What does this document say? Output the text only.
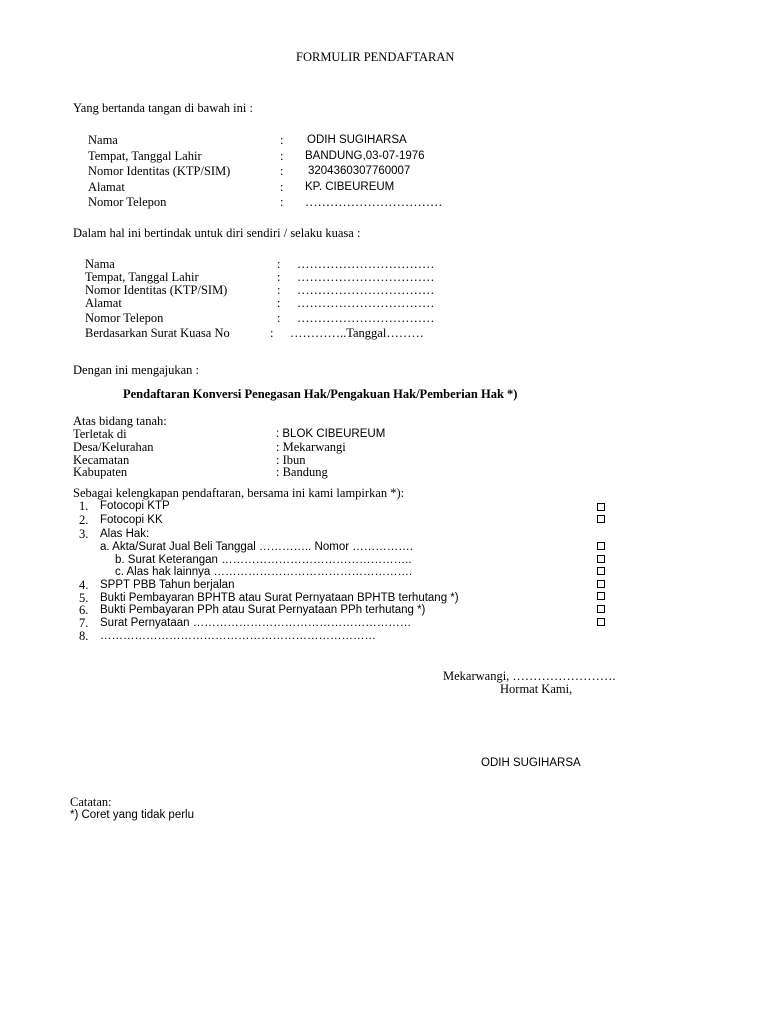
FORMULIR PENDAFTARAN
Yang bertanda tangan di bawah ini :
Nama	: ODIH SUGIHARSA
Tempat, Tanggal Lahir	: BANDUNG,03-07-1976
Nomor Identitas (KTP/SIM)	: 3204360307760007
Alamat	: KP. CIBEUREUM
Nomor Telepon	: ……………………………
Dalam hal ini bertindak untuk diri sendiri / selaku kuasa :
Nama	: ……………………………
Tempat, Tanggal Lahir	: ……………………………
Nomor Identitas (KTP/SIM)	: ……………………………
Alamat	: ……………………………
Nomor Telepon	: ……………………………
Berdasarkan Surat Kuasa No	: …………..Tanggal………
Dengan ini mengajukan :
Pendaftaran Konversi Penegasan Hak/Pengakuan Hak/Pemberian Hak *)
Atas bidang tanah:
Terletak di	: BLOK CIBEUREUM
Desa/Kelurahan	: Mekarwangi
Kecamatan	: Ibun
Kabupaten	: Bandung
Sebagai kelengkapan pendaftaran, bersama ini kami lampirkan *):
1. Fotocopi KTP
2. Fotocopi KK
3. Alas Hak:
a. Akta/Surat Jual Beli Tanggal ………….. Nomor …………….
b. Surat Keterangan …………………………………………..
c. Alas hak lainnya …………………………………………….
4. SPPT PBB Tahun berjalan
5. Bukti Pembayaran BPHTB atau Surat Pernyataan BPHTB terhutang *)
6. Bukti Pembayaran PPh atau Surat Pernyataan PPh terhutang *)
7. Surat Pernyataan …………………………………………………
8. ………………………………………………………………
Mekarwangi, …………………….
Hormat Kami,
ODIH SUGIHARSA
Catatan:
*) Coret yang tidak perlu
